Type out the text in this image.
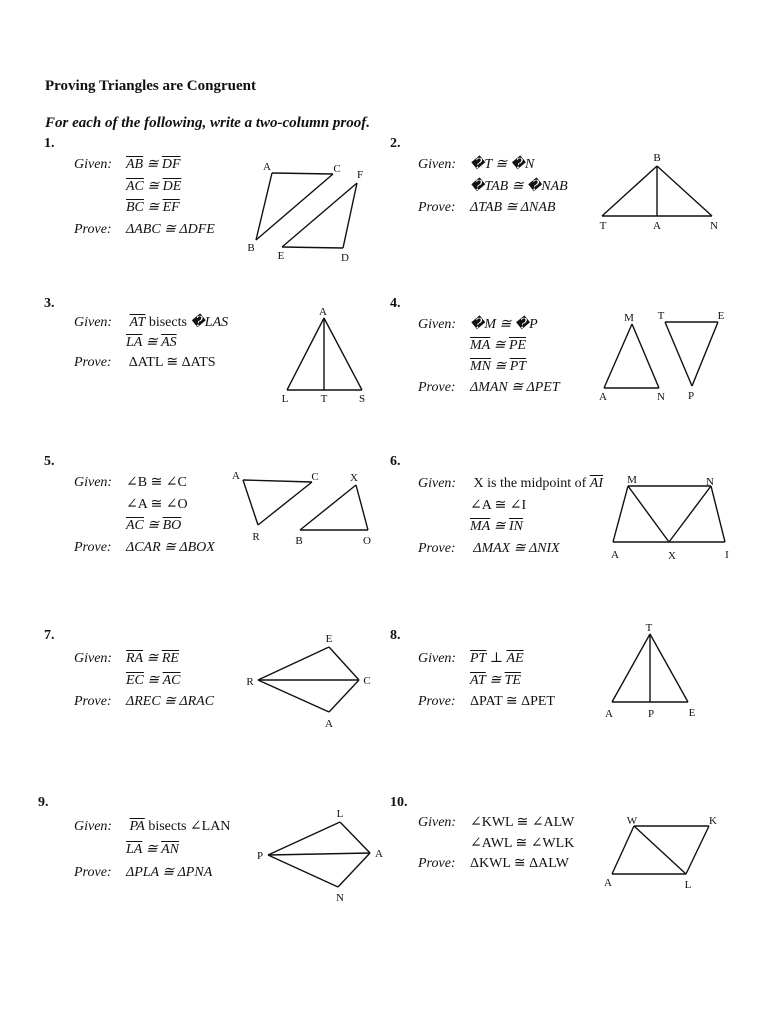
Proving Triangles are Congruent
For each of the following, write a two-column proof.
1.	2.
3.	4.
5.	6.
7.	8.
9.	10.
Given: $\overline{AB}$ ≅ $\overline{DF}$
$\overline{AC}$ ≅ $\overline{DE}$
$\overline{BC}$ ≅ $\overline{EF}$
Prove:	ΔABC ≅ ΔDFE
Given: �T ≅ �N
�TAB ≅ �NAB
Prove:	ΔTAB ≅ ΔNAB
Given:
	$\overline{AT}$ bisects �LAS
$\overline{LA}$ ≅ $\overline{AS}$
Prove:	ΔATL ≅ ΔATS
Given: �M ≅ �P
$\overline{MA}$ ≅ $\overline{PE}$
$\overline{MN}$ ≅ $\overline{PT}$
Prove:	ΔMAN ≅ ΔPET
Given: ∠B ≅ ∠C
∠A ≅ ∠O
$\overline{AC}$ ≅ $\overline{BO}$
Prove:	ΔCAR ≅ ΔBOX
Given: X is the midpoint of $\overline{AI}$
∠A ≅ ∠I
$\overline{MA}$ ≅ $\overline{IN}$
Prove:	ΔMAX ≅ ΔNIX
Given: $\overline{RA}$ ≅ $\overline{RE}$
$\overline{EC}$ ≅ $\overline{AC}$
Prove:	ΔREC ≅ ΔRAC
Given: $\overline{PT}$ ⊥ $\overline{AE}$
$\overline{AT}$ ≅ $\overline{TE}$
Prove:	ΔPAT ≅ ΔPET
Given:
	$\overline{PA}$ bisects ∠LAN
$\overline{LA}$ ≅ $\overline{AN}$
Prove:	ΔPLA ≅ ΔPNA
Given: ∠KWL ≅ ∠ALW
∠AWL ≅ ∠WLK
Prove:	ΔKWL ≅ ΔALW
A	C F
B
E	D
B
T	A	N
A
L	T	S
M T	E
A	N P
A	C	X
R	B	O
M	N
A	X	I
E
R	C
A
T
A	P	E
L
P	A
N
W	K
A	L
